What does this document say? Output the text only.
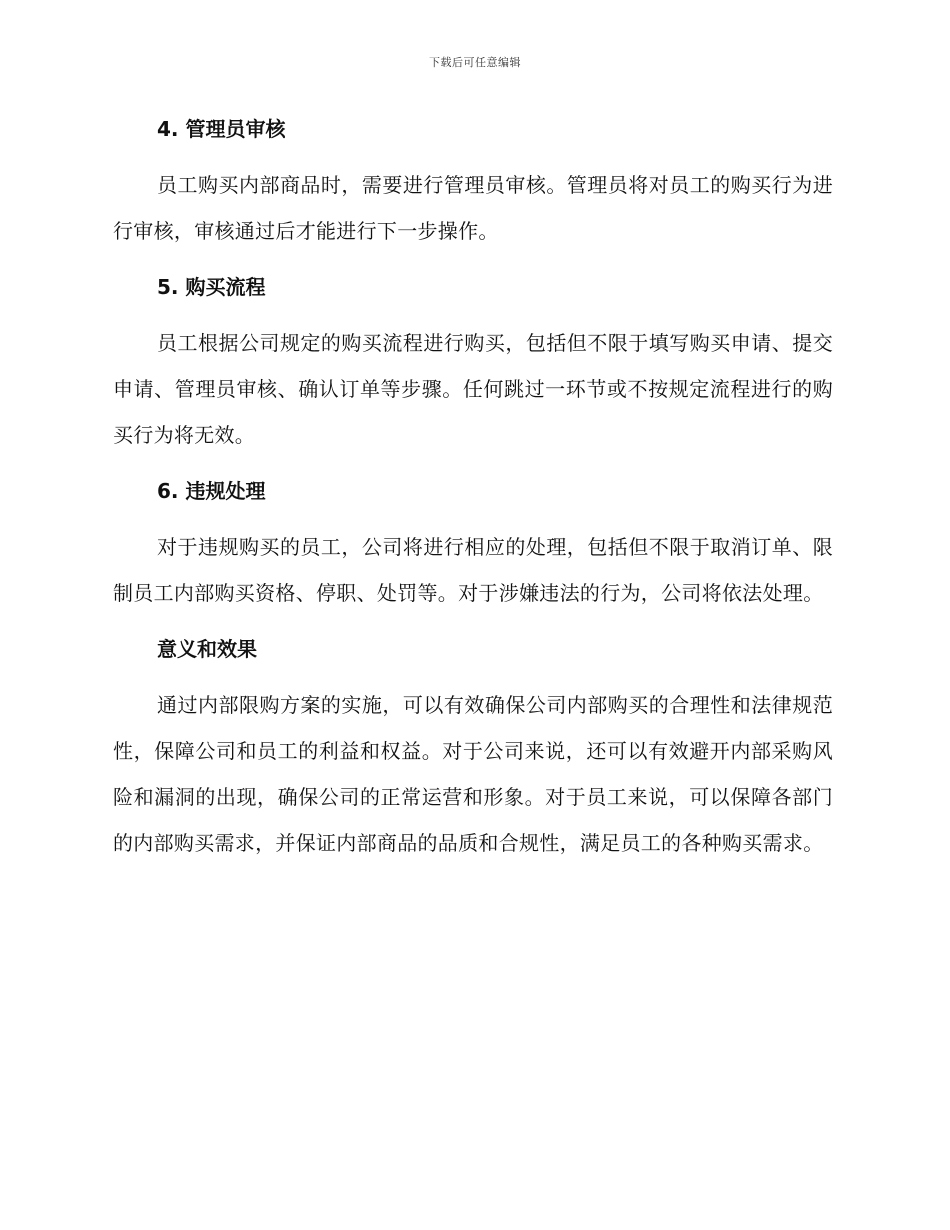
下载后可任意编辑
4. 管理员审核

员工购买内部商品时，需要进行管理员审核。管理员将对员工的购买行为进行审核，审核通过后才能进行下一步操作。

5. 购买流程

员工根据公司规定的购买流程进行购买，包括但不限于填写购买申请、提交申请、管理员审核、确认订单等步骤。任何跳过一环节或不按规定流程进行的购买行为将无效。

6. 违规处理

对于违规购买的员工，公司将进行相应的处理，包括但不限于取消订单、限制员工内部购买资格、停职、处罚等。对于涉嫌违法的行为，公司将依法处理。

意义和效果

通过内部限购方案的实施，可以有效确保公司内部购买的合理性和法律规范性，保障公司和员工的利益和权益。对于公司来说，还可以有效避开内部采购风险和漏洞的出现，确保公司的正常运营和形象。对于员工来说，可以保障各部门的内部购买需求，并保证内部商品的品质和合规性，满足员工的各种购买需求。
